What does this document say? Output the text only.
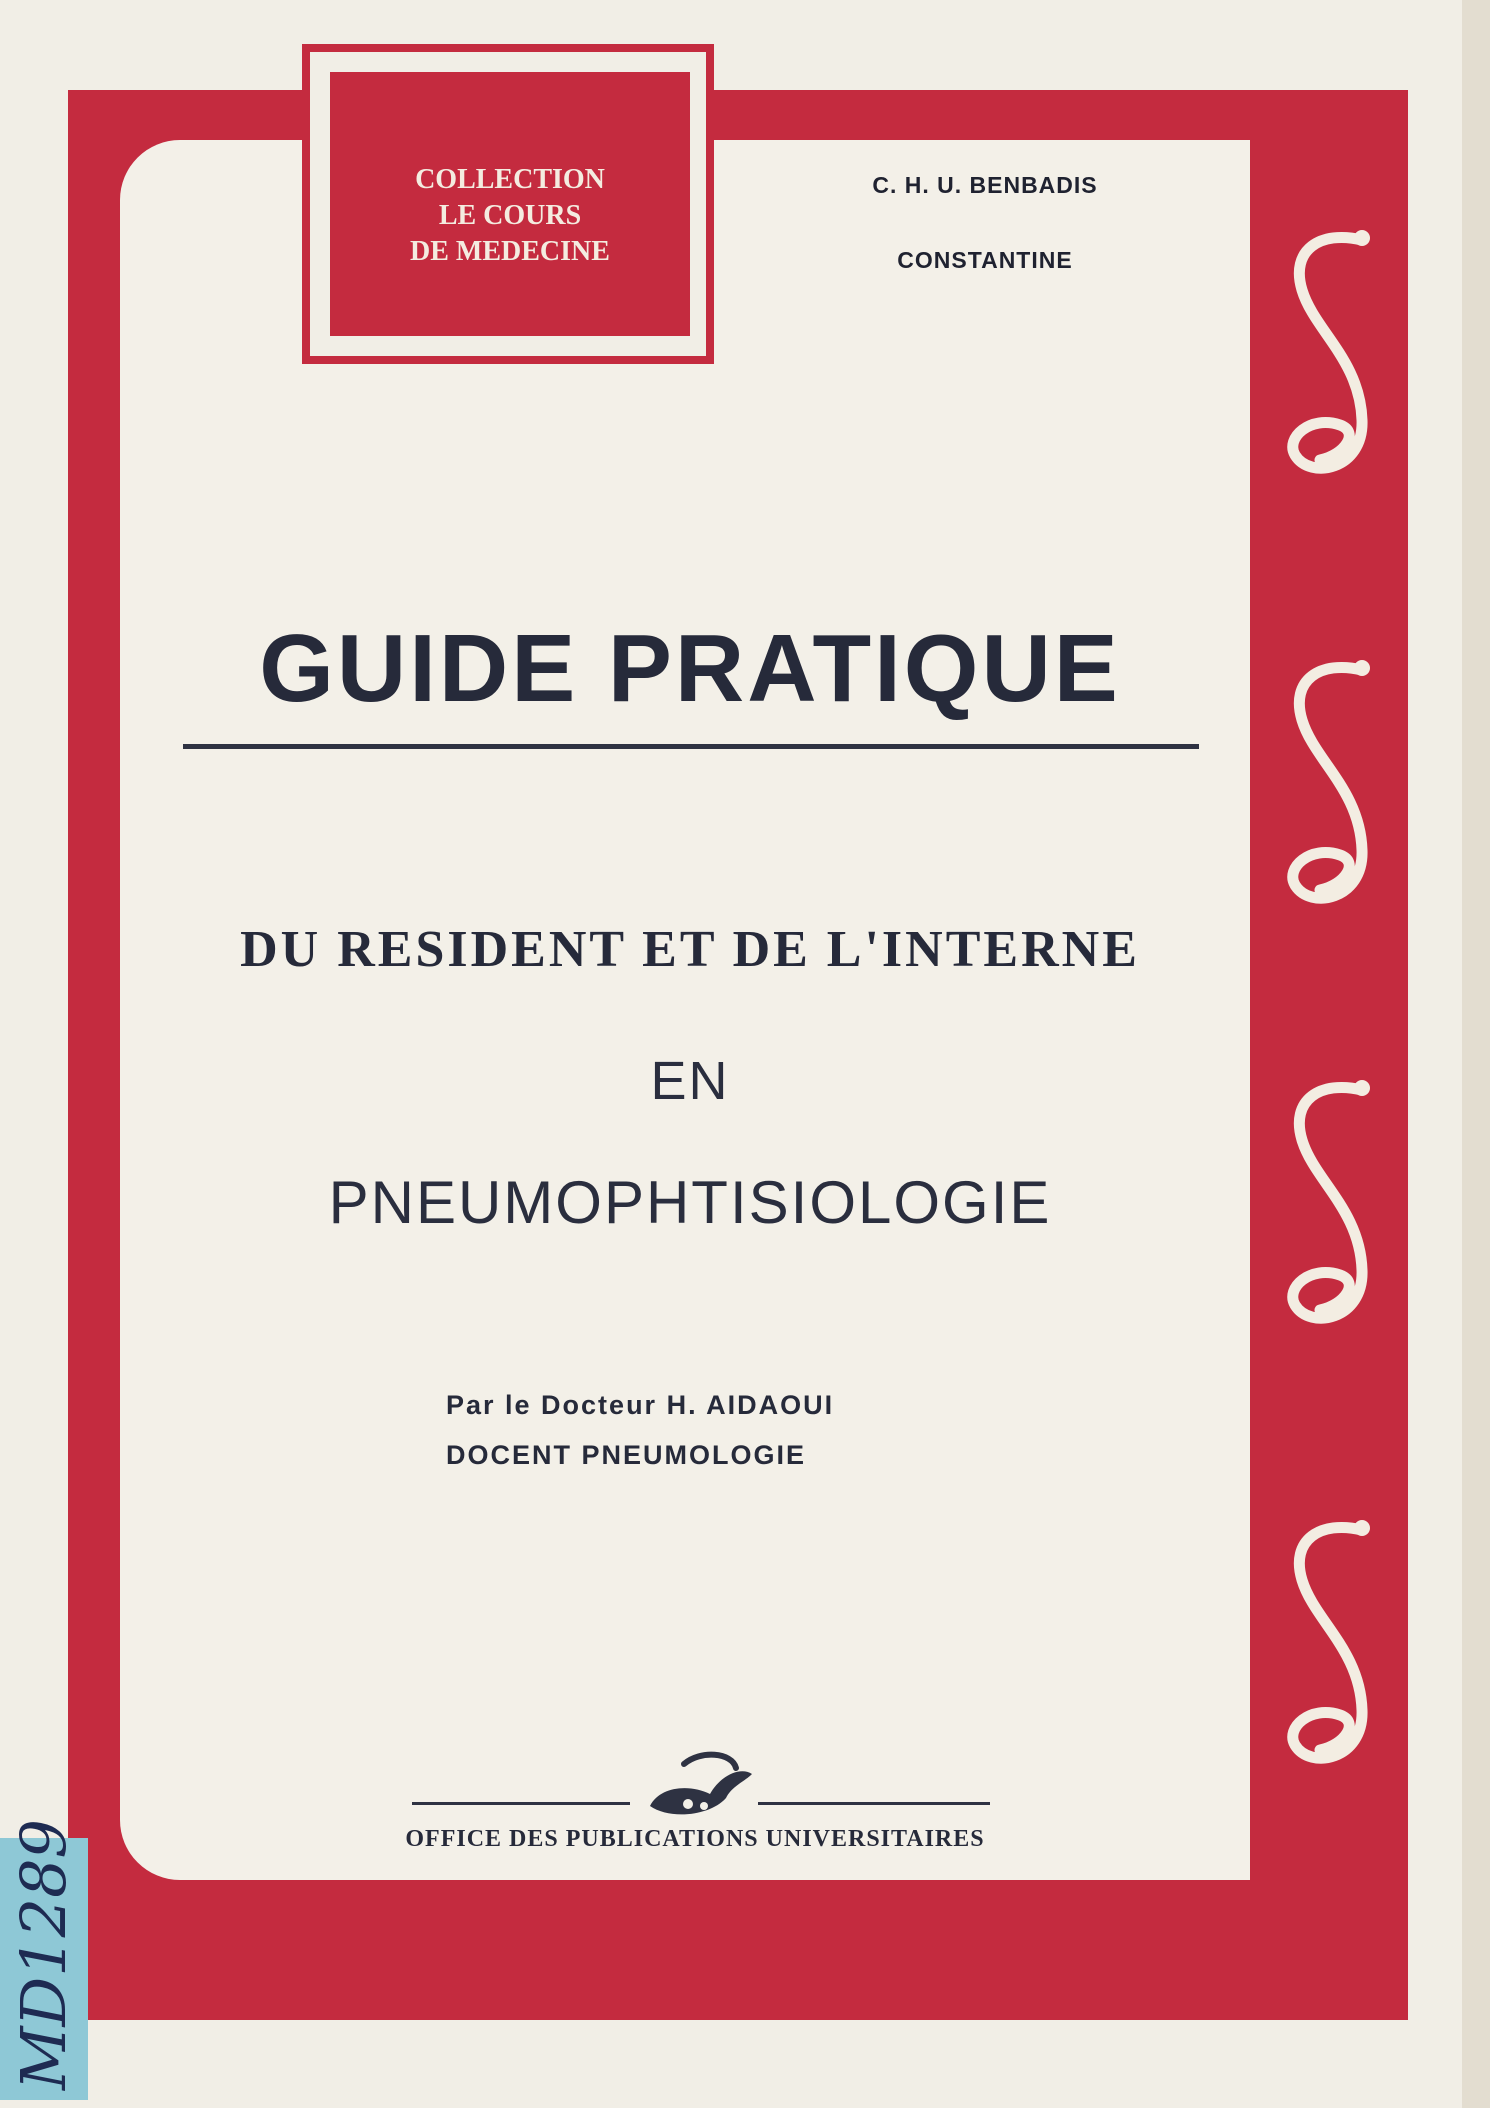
COLLECTION
LE COURS
DE MEDECINE
C. H. U. BENBADIS
CONSTANTINE
GUIDE PRATIQUE
DU RESIDENT ET DE L'INTERNE
EN
PNEUMOPHTISIOLOGIE
Par le Docteur H. AIDAOUI
DOCENT PNEUMOLOGIE
OFFICE DES PUBLICATIONS UNIVERSITAIRES
MD1289
